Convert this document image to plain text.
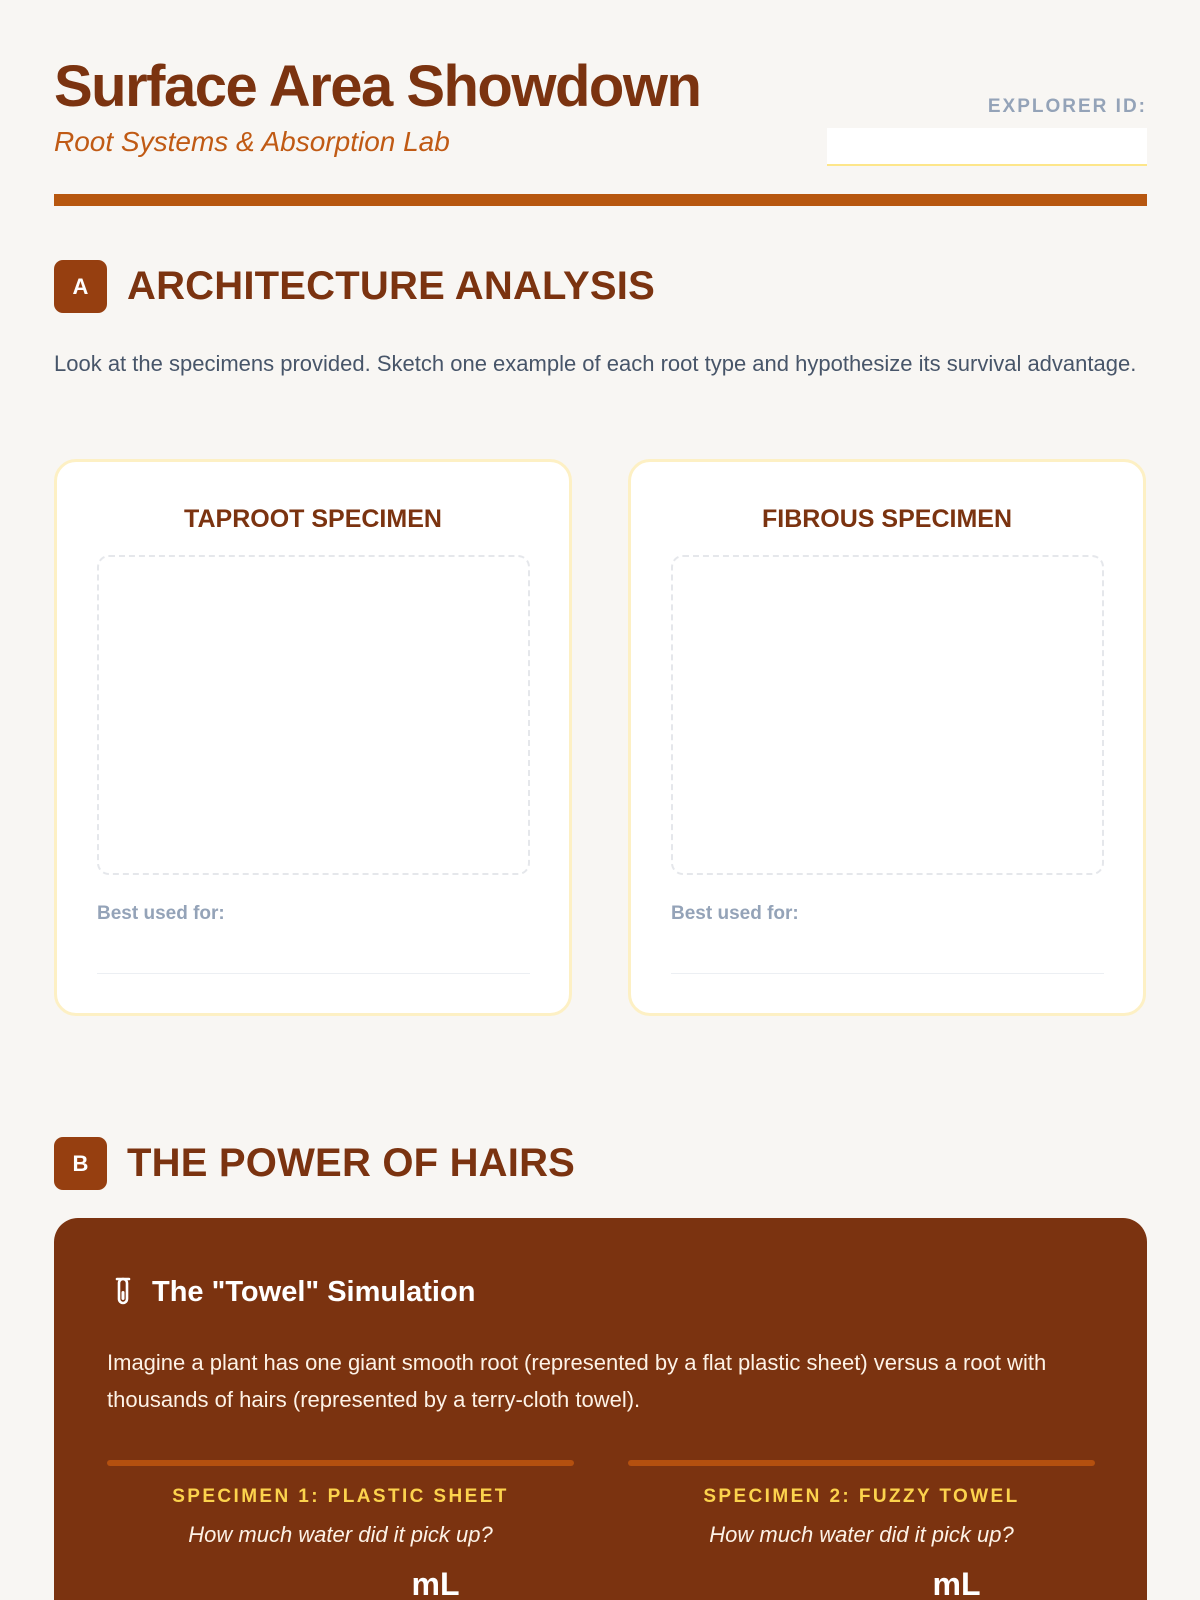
Surface Area Showdown
Root Systems & Absorption Lab
EXPLORER ID:
A ARCHITECTURE ANALYSIS

Look at the specimens provided. Sketch one example of each root type and hypothesize its survival advantage.

TAPROOT SPECIMEN
Best used for:
FIBROUS SPECIMEN
Best used for:
B THE POWER OF HAIRS
The "Towel" Simulation

Imagine a plant has one giant smooth root (represented by a flat plastic sheet) versus a root with thousands of hairs (represented by a terry-cloth towel).

SPECIMEN 1: PLASTIC SHEET
How much water did it pick up?
mL
SPECIMEN 2: FUZZY TOWEL
How much water did it pick up?
mL
